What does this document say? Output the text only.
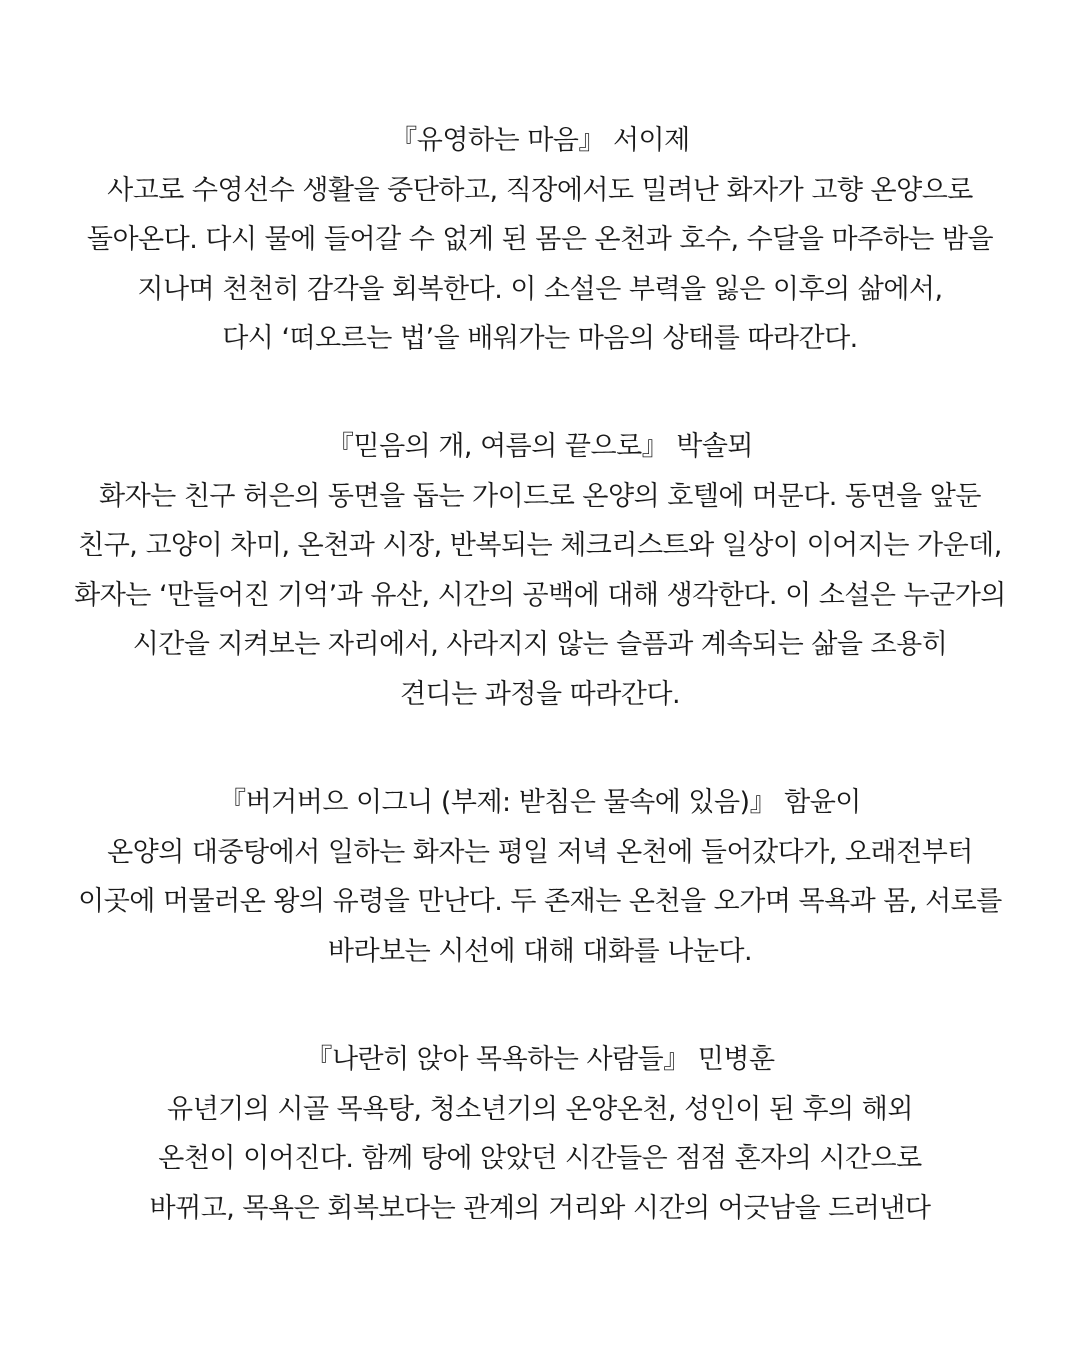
『유영하는 마음』 서이제
사고로 수영선수 생활을 중단하고, 직장에서도 밀려난 화자가 고향 온양으로
돌아온다. 다시 물에 들어갈 수 없게 된 몸은 온천과 호수, 수달을 마주하는 밤을
지나며 천천히 감각을 회복한다. 이 소설은 부력을 잃은 이후의 삶에서,
다시 ‘떠오르는 법’을 배워가는 마음의 상태를 따라간다.
『믿음의 개, 여름의 끝으로』 박솔뫼
화자는 친구 허은의 동면을 돕는 가이드로 온양의 호텔에 머문다. 동면을 앞둔
친구, 고양이 차미, 온천과 시장, 반복되는 체크리스트와 일상이 이어지는 가운데,
화자는 ‘만들어진 기억’과 유산, 시간의 공백에 대해 생각한다. 이 소설은 누군가의
시간을 지켜보는 자리에서, 사라지지 않는 슬픔과 계속되는 삶을 조용히
견디는 과정을 따라간다.
『버거버으 이그니 (부제: 받침은 물속에 있음)』 함윤이
온양의 대중탕에서 일하는 화자는 평일 저녁 온천에 들어갔다가, 오래전부터
이곳에 머물러온 왕의 유령을 만난다. 두 존재는 온천을 오가며 목욕과 몸, 서로를
바라보는 시선에 대해 대화를 나눈다.
『나란히 앉아 목욕하는 사람들』 민병훈
유년기의 시골 목욕탕, 청소년기의 온양온천, 성인이 된 후의 해외
온천이 이어진다. 함께 탕에 앉았던 시간들은 점점 혼자의 시간으로
바뀌고, 목욕은 회복보다는 관계의 거리와 시간의 어긋남을 드러낸다
